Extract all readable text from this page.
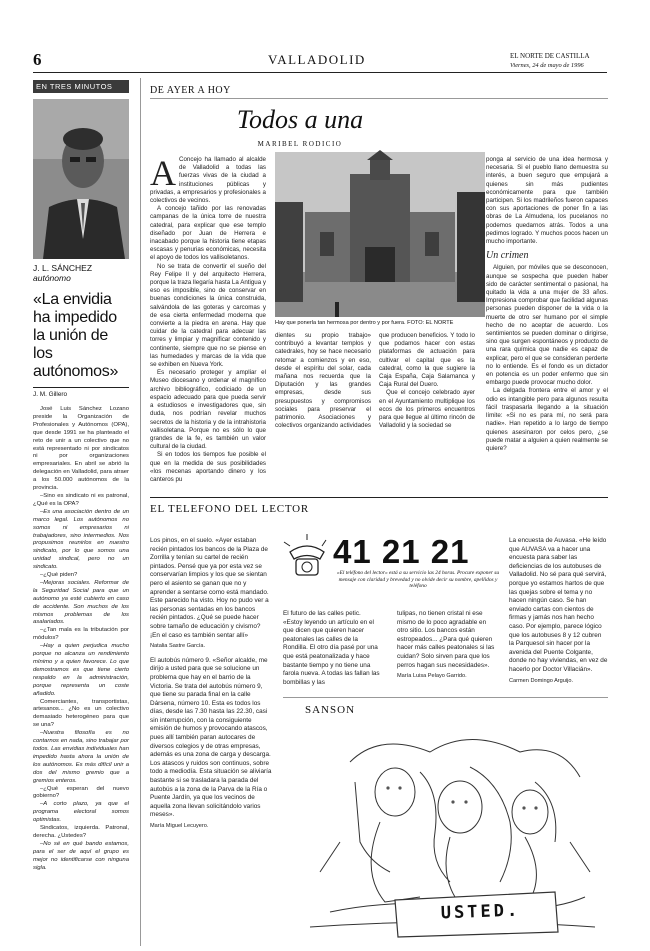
6	VALLADOLID	EL NORTE DE CASTILLA
Viernes, 24 de mayo de 1996
EN TRES MINUTOS
J. L. SÁNCHEZ
autónomo
«La envidia ha impedido la unión de los autónomos»
J. M. Gillero

José Luis Sánchez Lozano preside la Organización de Profesionales y Autónomos (OPA), que desde 1991 se ha planteado el reto de unir a un colectivo que no está representado ni por sindicatos ni por organizaciones empresariales. En abril se abrió la delegación en Valladolid, para atraer a los 50.000 autónomos de la provincia.

–Sino es sindicato ni es patronal, ¿Qué es la OPA?

–Es una asociación dentro de un marco legal. Los autónomos no somos ni empresarios ni trabajadores, sino intermedios. Nos propusimos reunirlos en nuestro sindicato, por lo que somos una unidad sindical, pero no un sindicato.

–¿Qué piden?

–Mejoras sociales. Reformar de la Seguridad Social para que un autónomo ya esté cubierto en caso de accidente. Son muchos de los mismos problemas de los asalariados.

–¿Tan mala es la tributación por módulos?

–Hay a quien perjudica mucho porque no alcanza un rendimiento mínimo y a quien favorece. Lo que demostramos es que tiene cierto respaldo en la administración, porque representa un coste añadido.

Comerciantes, transportistas, artesanos... ¿No es un colectivo demasiado heterogéneo para que se una?

–Nuestra filosofía es no contarnos en nada, sino trabajar por todos. Las envidias individuales han impedido hasta ahora la unión de los autónomos. Es más difícil unir a dos del mismo gremio que a gremios enteros.

–¿Qué esperan del nuevo gobierno?

–A corto plazo, ya que el programa electoral somos optimistas.

Sindicatos, izquierda. Patronal, derecha. ¿Ustedes?

–No sé en qué bando estamos, para el ser de aquí el grupo es mejor no identificarse con ninguna sigla.

DE AYER A HOY
Todos a una
MARIBEL RODICIO
Hay que ponerla tan hermosa por dentro y por fuera. FOTO: EL NORTE
A Concejo ha llamado al alcalde de Valladolid a todas las fuerzas vivas de la ciudad a instituciones públicas y privadas, a empresarios y profesionales a colectivos de vecinos.

A concejo tañido por las renovadas campanas de la única torre de nuestra catedral, para explicar que ese templo diseñado por Juan de Herrera e inacabado porque la historia tiene etapas escasas y penurias económicas, necesita el apoyo de todos los vallisoletanos.

No se trata de convertir el sueño del Rey Felipe II y del arquitecto Herrera, porque la traza llegaría hasta La Antigua y eso es imposible, sino de conservar en buenas condiciones la única construida, salvándola de las goteras y carcomas y de esa cierta enfermedad moderna que convierte a la piedra en arena. Hay que cuidar de la catedral para adecuar las torres y limpiar y magnificar contenido y continente, siempre que no se piense en las humedades y marcas de la vida que se exhiben en Nueva York.

Es necesario proteger y ampliar el Museo diocesano y ordenar el magnífico archivo bibliográfico, codiciado de un espacio adecuado para que pueda servir a estudiosos e investigadores que, sin duda, nos podrían revelar muchos secretos de la historia y de la intrahistoria vallisoletana. Porque no es sólo lo que grandes de la fe, es también un valor cultural de la ciudad.

Si en todos los tiempos fue posible el que en la medida de sus posibilidades «los mecenas aportando dinero y los canteros pu

dientes su propio trabajo» contribuyó a levantar templos y catedrales, hoy se hace necesario retomar a comienzos y en eso, desde el espíritu del solar, cada mañana nos recuerda que la Diputación y las grandes empresas, desde sus presupuestos y compromisos sociales para preservar el patrimonio. Asociaciones y colectivos organizando actividades que producen beneficios. Y todo lo que podamos hacer con estas plataformas de actuación para cultivar el capital que es la catedral, como la que sugiere la Caja España, Caja Salamanca y Caja Rural del Duero.

Que el concejo celebrado ayer en el Ayuntamiento multiplique los ecos de los primeros encuentros para que llegue al último rincón de Valladolid y la sociedad se

ponga al servicio de una idea hermosa y necesaria. Si el pueblo llano demuestra su interés, a buen seguro que empujará a quienes sin más pudientes económicamente para que también participen. Si los madrileños fueron capaces con sus aportaciones de poner fin a las obras de La Almudena, los pucelanos no podemos quedarnos atrás. Todos a una pedimos logrado. Y muchos pocos hacen un mucho importante.

Un crimen

Alguien, por móviles que se desconocen, aunque se sospecha que pueden haber sido de carácter sentimental o pasional, ha quitado la vida a una mujer de 33 años. Impresiona comprobar que facilidad algunas personas pueden disponer de la vida o la muerte de otro ser humano por el simple hecho de no aceptar de acuerdo. Los sentimientos se pueden dominar o dirigirse, sino que surgen espontáneos y producto de una rara química que nadie es capaz de explicar, pero el que se consideran perderte no lo entiende. Es el fondo es un dictador en potencia es un poder enfermo que sin embargo puede provocar mucho dolor.

La delgada frontera entre el amor y el odio es intangible pero para algunos resulta fácil traspasarla llegando a la situación límite: «Si no es para mí, no será para nadie». Han repetido a lo largo de tiempo quienes asesinaron por celos pero, ¿se puede matar a alguien a quien realmente se quiere?

EL TELEFONO DEL LECTOR
41 21 21
«El teléfono del lector» está a su servicio las 24 horas. Procure exponer su mensaje con claridad y brevedad y no olvide decir su nombre, apellidos y teléfono

Los pinos, en el suelo. «Ayer estaban recién pintados los bancos de la Plaza de Zorrilla y tenían su cartel de recién pintados. Pensé que ya por esta vez se conservarían limpios y los que se sientan pero el asiento se ganan que no y aprender a sentarse como está mandado. Este parecido ha visto. Hoy no pudo ver a las personas sentadas en los bancos recién pintados. ¿Qué se puede hacer sobre tamaño de educación y civismo? ¡En el caso es también sentar allí»

Natalia Sastre García.

El autobús número 9. «Señor alcalde, me dirijo a usted para que se solucione un problema que hay en el barrio de la Victoria. Se trata del autobús número 9, que tiene su parada final en la calle Dársena, número 10. Esta es todos los días, desde las 7.30 hasta las 22.30, casi sin interrupción, con la consiguiente emisión de humos y provocando atascos, pues allí también paran autocares de diversos colegios y de otras empresas, además es una zona de carga y descarga. Los atascos y ruidos son continuos, sobre todo a mediodía. Esta situación se aliviaría bastante si se trasladara la parada del autobús a la zona de la Parva de la Ría o Puente Jardín, ya que los vecinos de aquella zona llevan solicitándolo varios meses».

María Miguel Lecuyero.

El futuro de las calles petic. «Estoy leyendo un artículo en el que dicen que quieren hacer peatonales las calles de la Rondilla. El otro día pasé por una que está peatonalizada y hace bastante tiempo y no tiene una farola nueva. A todas las fallan las bombillas y las

tulipas, no tienen cristal ni ese mismo de lo poco agradable en otro sitio. Los bancos están estropeados... ¿Para qué quieren hacer más calles peatonales si las cuidan? Solo sirven para que los perros hagan sus necesidades».

María Luisa Pelayo Garrido.

La encuesta de Auvasa. «He leído que AUVASA va a hacer una encuesta para saber las deficiencias de los autobuses de Valladolid. No sé para qué servirá, porque yo estamos hartos de que las quejas sobre el tema y no hacen ningún caso. Se han enviado cartas con cientos de firmas y jamás nos han hecho caso. Por ejemplo, parece lógico que los autobuses 8 y 12 cubren la Parquesol sin hacer por la avenida del Puente Colgante, donde no hay viviendas, en vez de hacerlo por Doctor Villacián».

Carmen Domingo Arguijo.

SANSON
USTED.
